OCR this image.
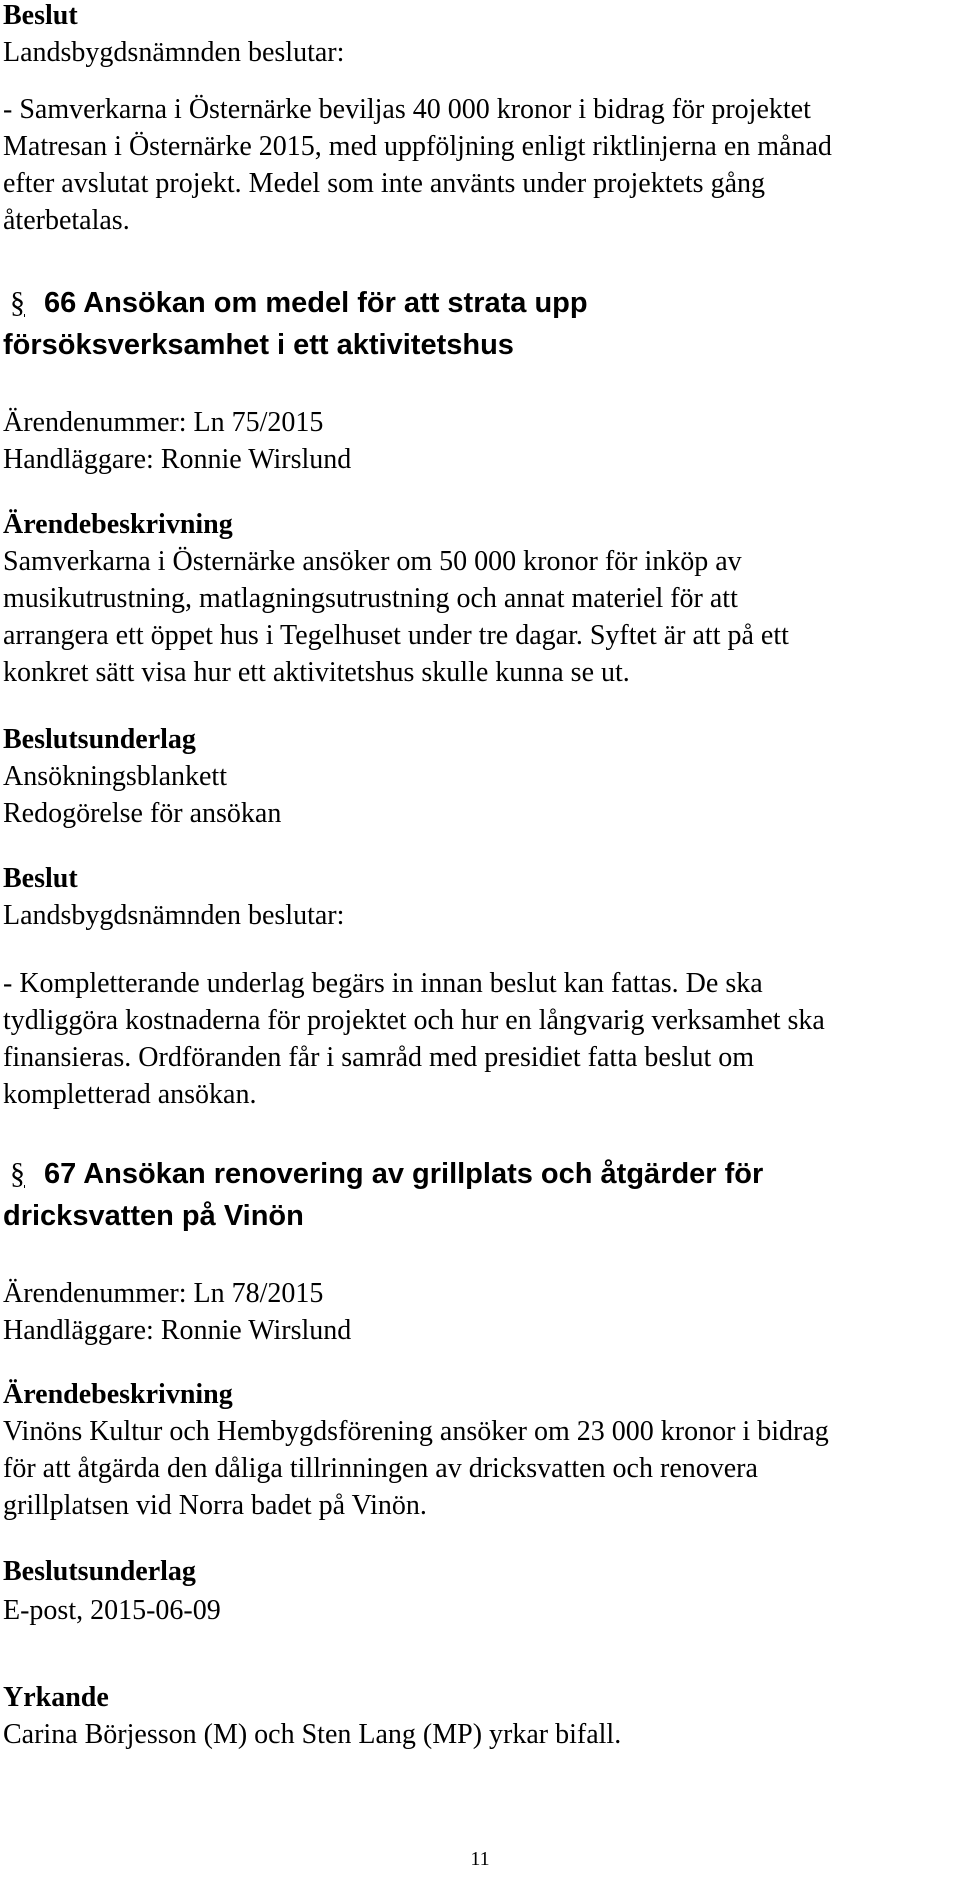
Beslut
Landsbygdsnämnden beslutar:
- Samverkarna i Östernärke beviljas 40 000 kronor i bidrag för projektet
Matresan i Östernärke 2015, med uppföljning enligt riktlinjerna en månad
efter avslutat projekt. Medel som inte använts under projektets gång
återbetalas.
§ 66 Ansökan om medel för att strata upp
försöksverksamhet i ett aktivitetshus
Ärendenummer: Ln 75/2015
Handläggare: Ronnie Wirslund
Ärendebeskrivning
Samverkarna i Östernärke ansöker om 50 000 kronor för inköp av
musikutrustning, matlagningsutrustning och annat materiel för att
arrangera ett öppet hus i Tegelhuset under tre dagar. Syftet är att på ett
konkret sätt visa hur ett aktivitetshus skulle kunna se ut.
Beslutsunderlag
Ansökningsblankett
Redogörelse för ansökan
Beslut
Landsbygdsnämnden beslutar:
- Kompletterande underlag begärs in innan beslut kan fattas. De ska
tydliggöra kostnaderna för projektet och hur en långvarig verksamhet ska
finansieras. Ordföranden får i samråd med presidiet fatta beslut om
kompletterad ansökan.
§ 67 Ansökan renovering av grillplats och åtgärder för
dricksvatten på Vinön
Ärendenummer: Ln 78/2015
Handläggare: Ronnie Wirslund
Ärendebeskrivning
Vinöns Kultur och Hembygdsförening ansöker om 23 000 kronor i bidrag
för att åtgärda den dåliga tillrinningen av dricksvatten och renovera
grillplatsen vid Norra badet på Vinön.
Beslutsunderlag
E-post, 2015-06-09
Yrkande
Carina Börjesson (M) och Sten Lang (MP) yrkar bifall.
11
